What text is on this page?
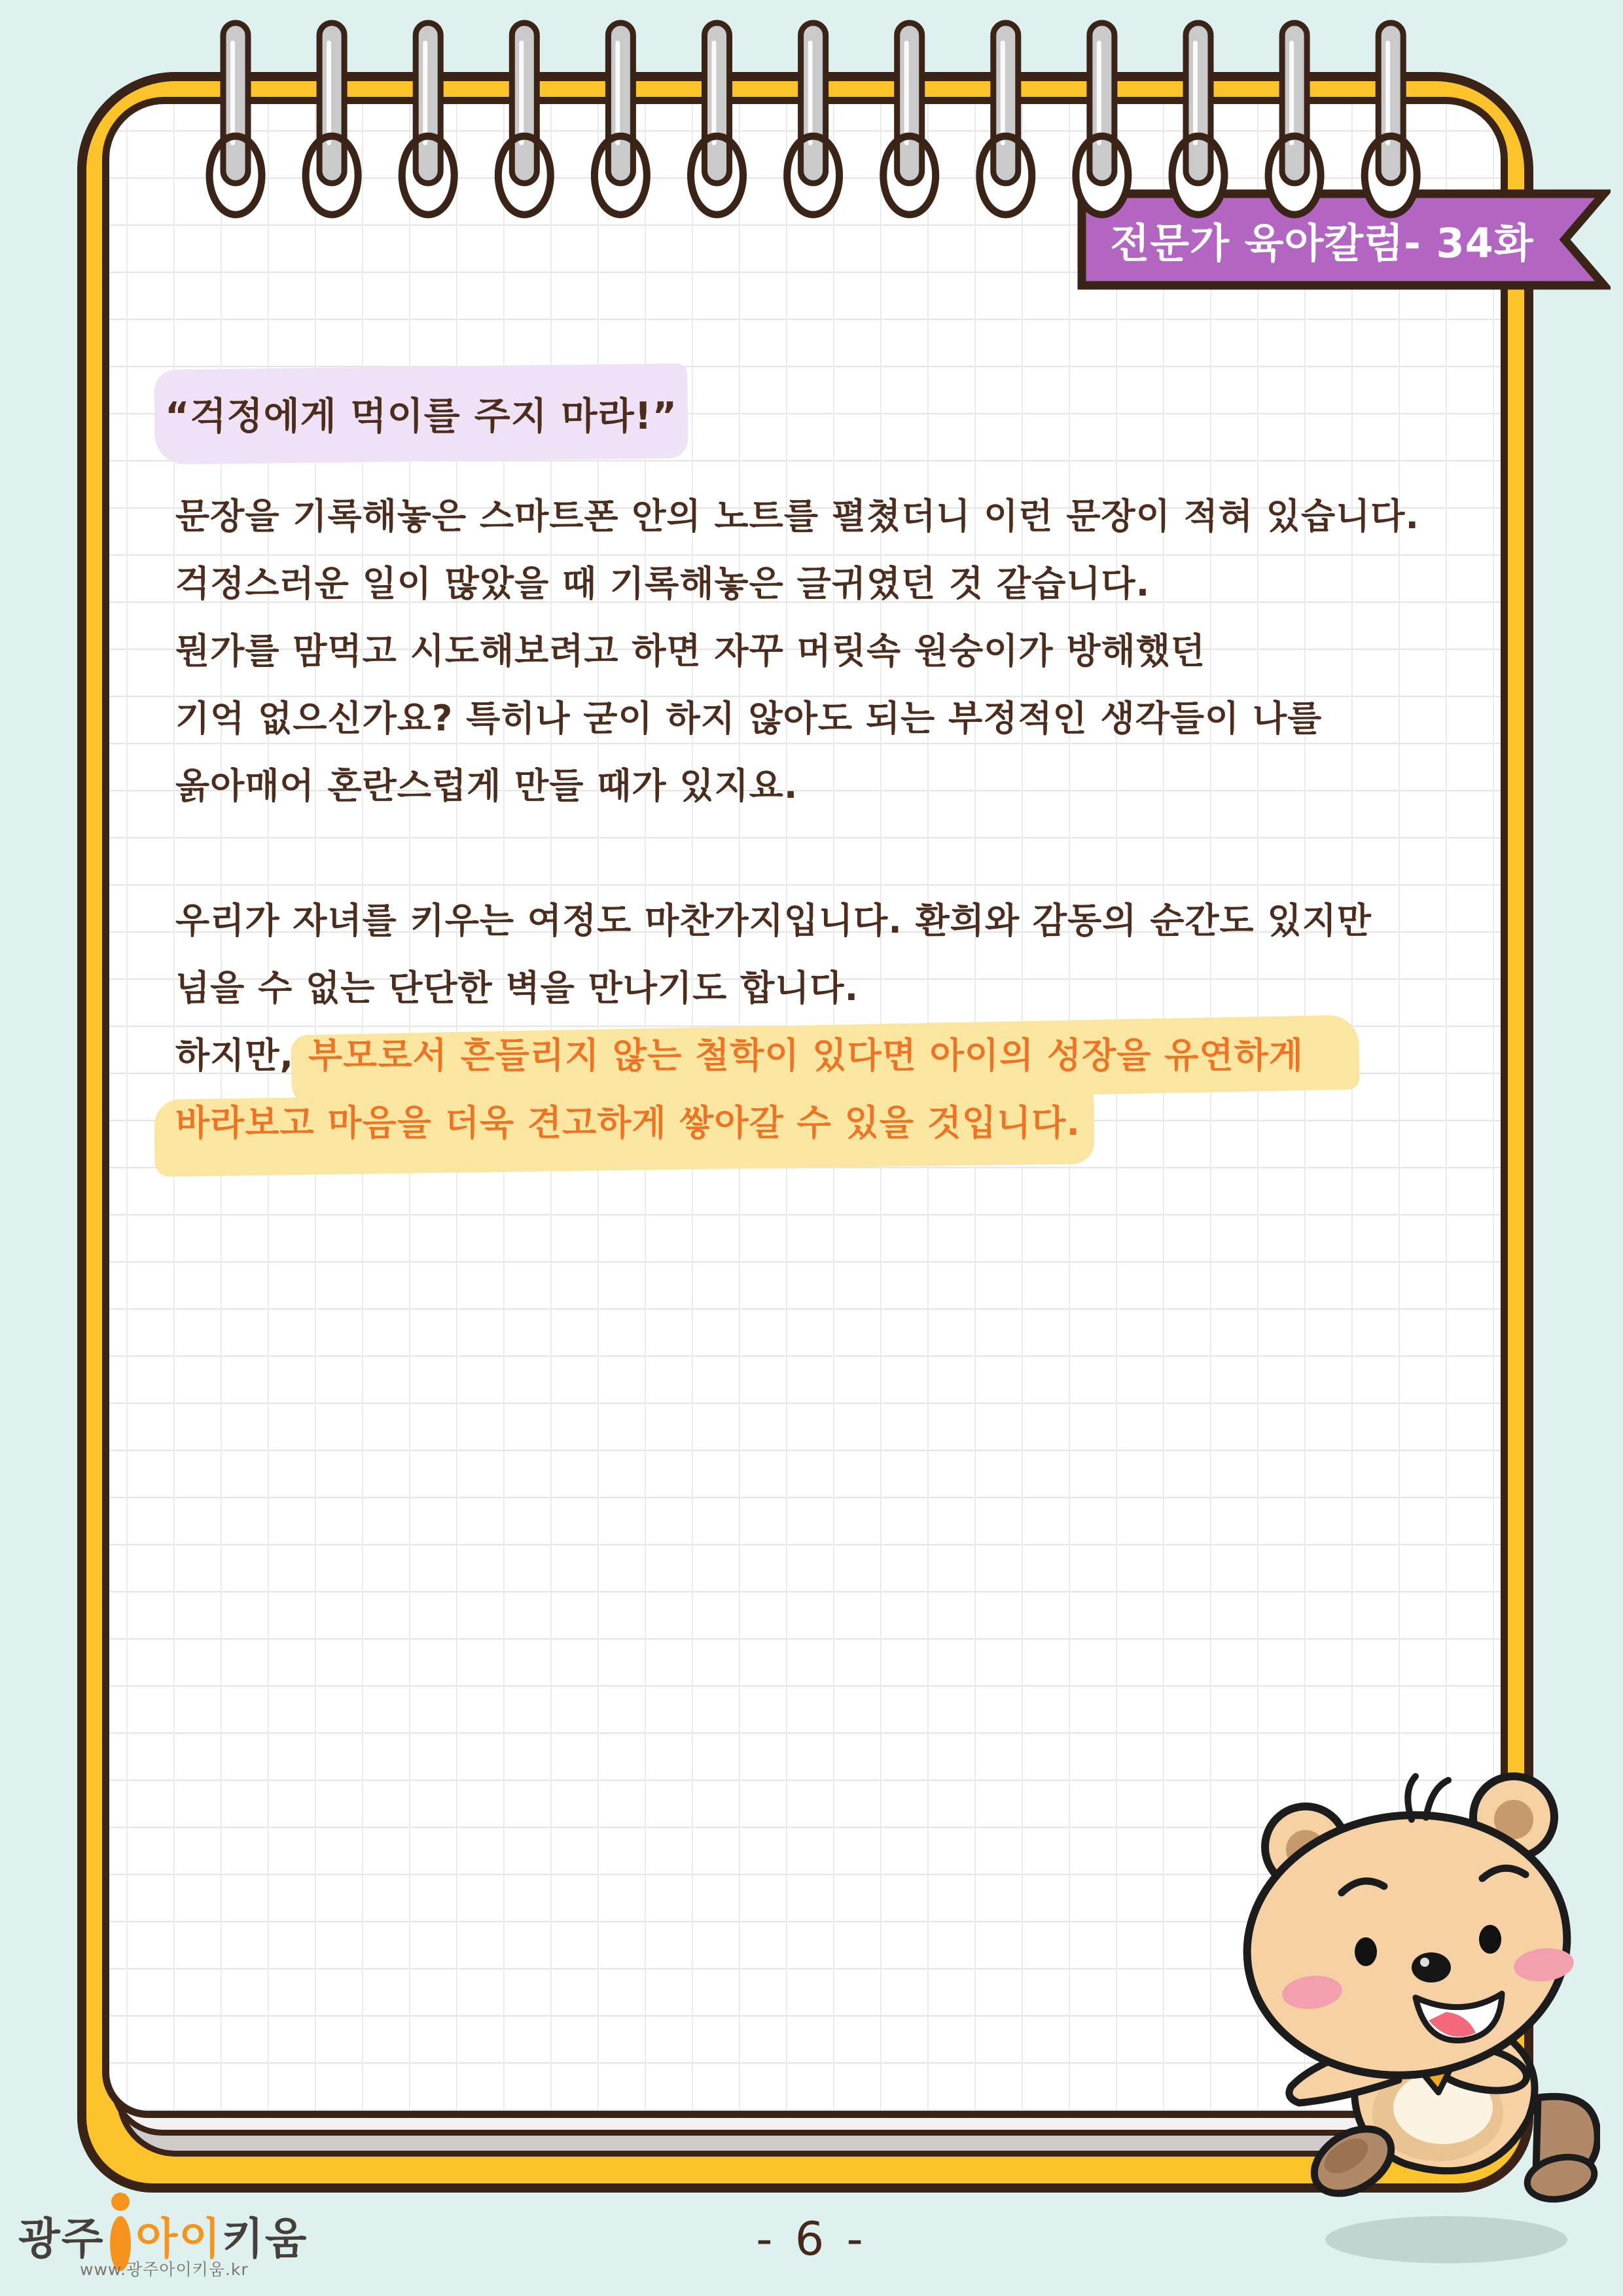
전문가 육아칼럼- 34화
“걱정에게 먹이를 주지 마라!”
문장을 기록해놓은 스마트폰 안의 노트를 펼쳤더니 이런 문장이 적혀 있습니다.
걱정스러운 일이 많았을 때 기록해놓은 글귀였던 것 같습니다.
뭔가를 맘먹고 시도해보려고 하면 자꾸 머릿속 원숭이가 방해했던
기억 없으신가요? 특히나 굳이 하지 않아도 되는 부정적인 생각들이 나를
옭아매어 혼란스럽게 만들 때가 있지요.
우리가 자녀를 키우는 여정도 마찬가지입니다. 환희와 감동의 순간도 있지만
넘을 수 없는 단단한 벽을 만나기도 합니다.
하지만, 부모로서 흔들리지 않는 철학이 있다면 아이의 성장을 유연하게
바라보고 마음을 더욱 견고하게 쌓아갈 수 있을 것입니다.
광주 아이 키움
www.광주아이키움.kr
- 6 -
